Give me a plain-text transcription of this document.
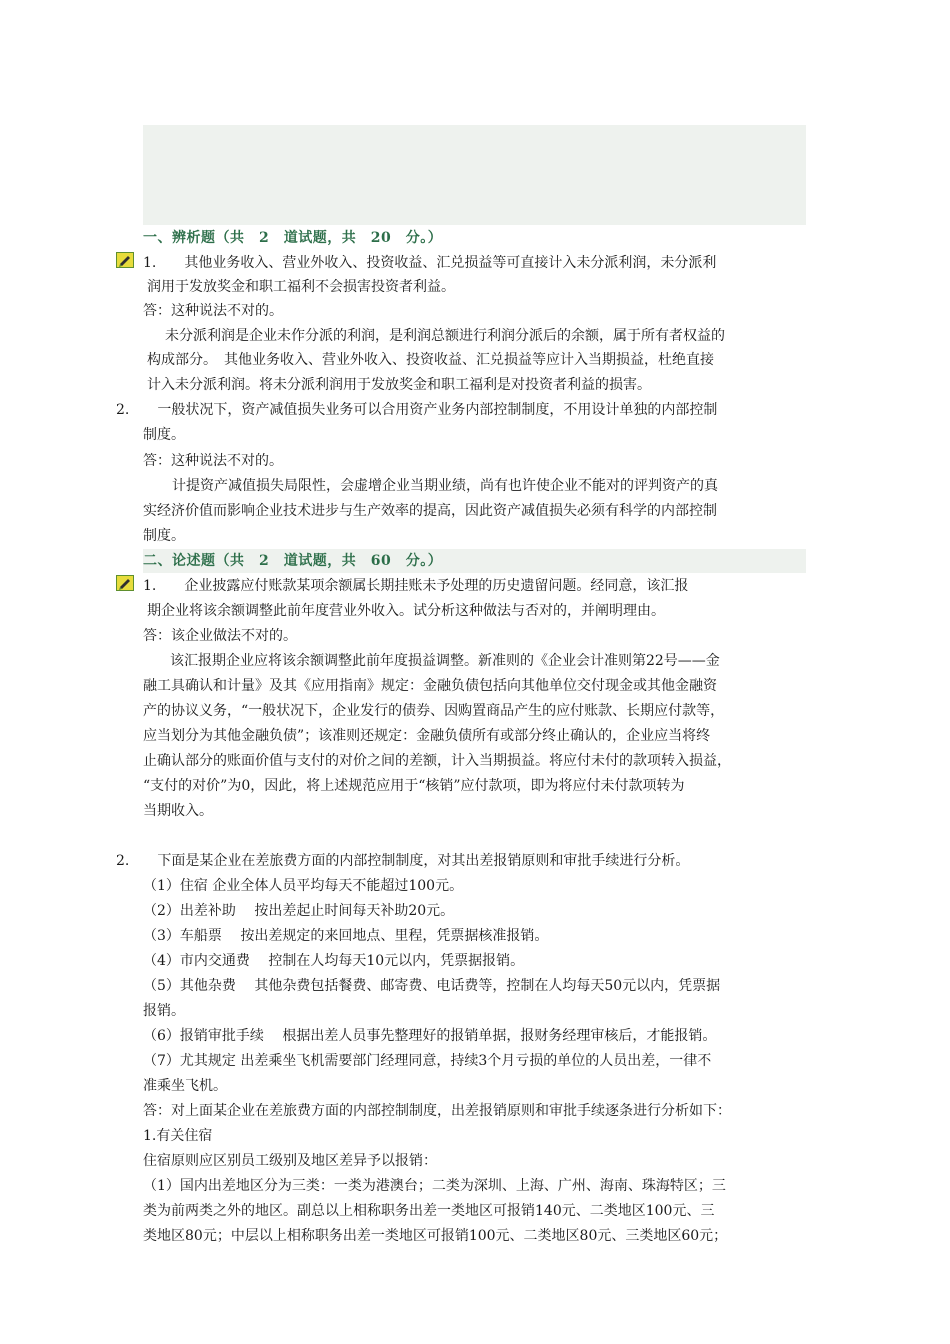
一、辨析题（共　2　道试题，共　20　分。）
1.　　其他业务收入、营业外收入、投资收益、汇兑损益等可直接计入未分派利润，未分派利
润用于发放奖金和职工福利不会损害投资者利益。
答：这种说法不对的。
未分派利润是企业未作分派的利润，是利润总额进行利润分派后的余额，属于所有者权益的
构成部分。　其他业务收入、营业外收入、投资收益、汇兑损益等应计入当期损益，杜绝直接
计入未分派利润。将未分派利润用于发放奖金和职工福利是对投资者利益的损害。
2.　　一般状况下，资产减值损失业务可以合用资产业务内部控制制度，不用设计单独的内部控制
制度。
答：这种说法不对的。
计提资产减值损失局限性，会虚增企业当期业绩，尚有也许使企业不能对的评判资产的真
实经济价值而影响企业技术进步与生产效率的提高，因此资产减值损失必须有科学的内部控制
制度。
二、论述题（共　2　道试题，共　60　分。）
1.　　企业披露应付账款某项余额属长期挂账未予处理的历史遗留问题。经同意，该汇报
期企业将该余额调整此前年度营业外收入。试分析这种做法与否对的，并阐明理由。
答：该企业做法不对的。
该汇报期企业应将该余额调整此前年度损益调整。新准则的《企业会计准则第22号——金
融工具确认和计量》及其《应用指南》规定：金融负债包括向其他单位交付现金或其他金融资
产的协议义务，“一般状况下，企业发行的债券、因购置商品产生的应付账款、长期应付款等，
应当划分为其他金融负债”；该准则还规定：金融负债所有或部分终止确认的，企业应当将终
止确认部分的账面价值与支付的对价之间的差额，计入当期损益。将应付未付的款项转入损益，
“支付的对价”为0，因此，将上述规范应用于“核销”应付款项，即为将应付未付款项转为
当期收入。
2.　　下面是某企业在差旅费方面的内部控制制度，对其出差报销原则和审批手续进行分析。
（1）住宿 企业全体人员平均每天不能超过100元。
（2）出差补助　 按出差起止时间每天补助20元。
（3）车船票　 按出差规定的来回地点、里程，凭票据核准报销。
（4）市内交通费　 控制在人均每天10元以内，凭票据报销。
（5）其他杂费　 其他杂费包括餐费、邮寄费、电话费等，控制在人均每天50元以内，凭票据
报销。
（6）报销审批手续　 根据出差人员事先整理好的报销单据，报财务经理审核后，才能报销。
（7）尤其规定 出差乘坐飞机需要部门经理同意，持续3个月亏损的单位的人员出差，一律不
准乘坐飞机。
答：对上面某企业在差旅费方面的内部控制制度，出差报销原则和审批手续逐条进行分析如下：
1.有关住宿
住宿原则应区别员工级别及地区差异予以报销：
（1）国内出差地区分为三类：一类为港澳台；二类为深圳、上海、广州、海南、珠海特区；三
类为前两类之外的地区。副总以上相称职务出差一类地区可报销140元、二类地区100元、三
类地区80元；中层以上相称职务出差一类地区可报销100元、二类地区80元、三类地区60元；
